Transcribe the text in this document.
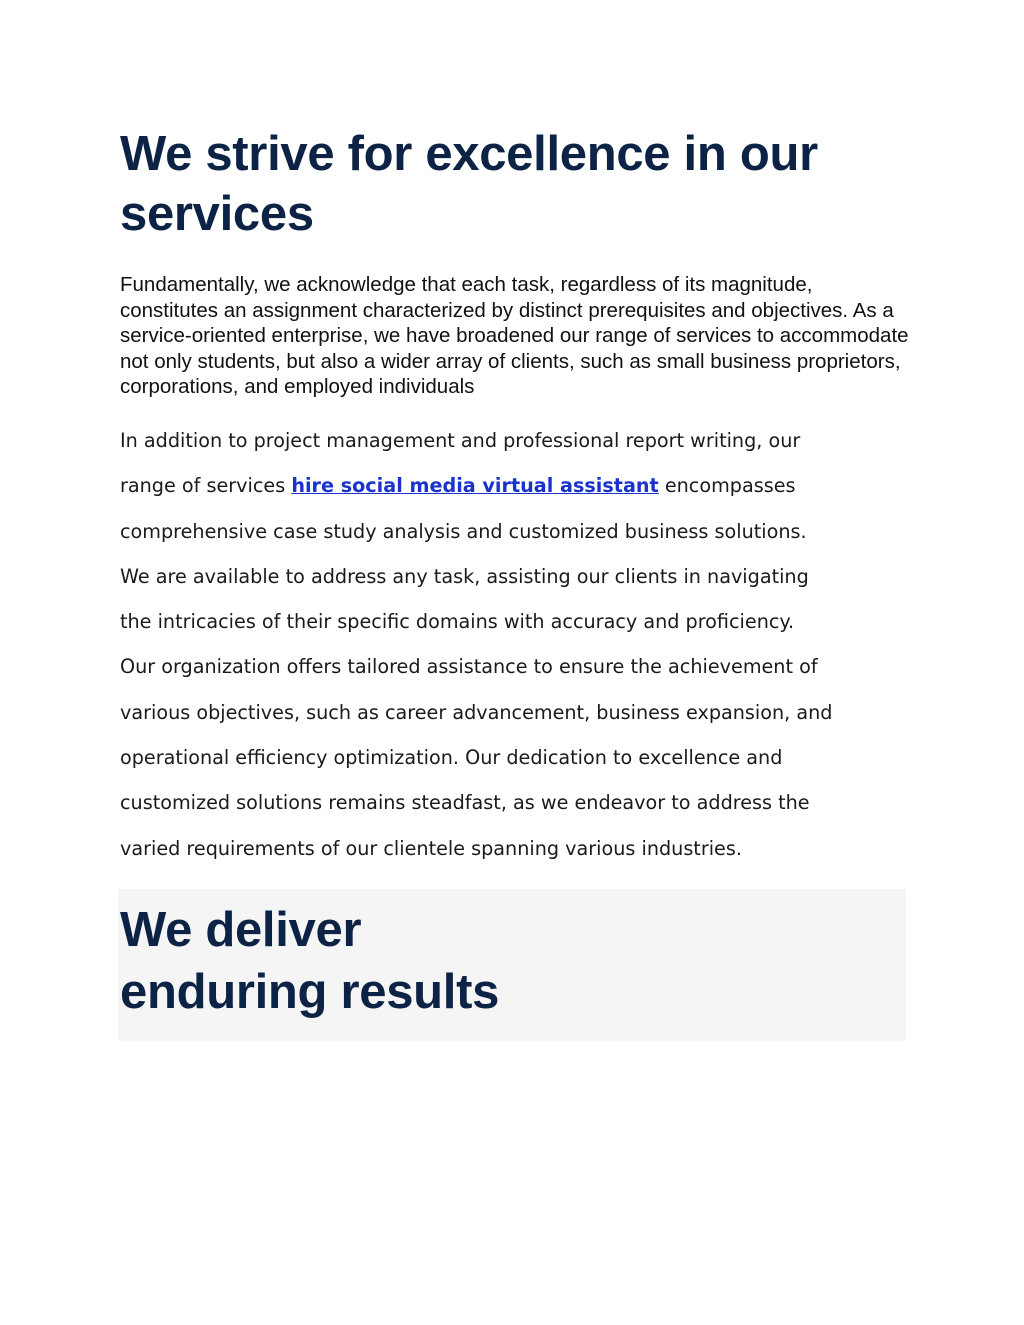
We strive for excellence in our services

Fundamentally, we acknowledge that each task, regardless of its magnitude, constitutes an assignment characterized by distinct prerequisites and objectives. As a service-oriented enterprise, we have broadened our range of services to accommodate not only students, but also a wider array of clients, such as small business proprietors, corporations, and employed individuals

In addition to project management and professional report writing, our
range of services hire social media virtual assistant encompasses
comprehensive case study analysis and customized business solutions.
We are available to address any task, assisting our clients in navigating
the intricacies of their specific domains with accuracy and proficiency.
Our organization offers tailored assistance to ensure the achievement of
various objectives, such as career advancement, business expansion, and
operational efficiency optimization. Our dedication to excellence and
customized solutions remains steadfast, as we endeavor to address the
varied requirements of our clientele spanning various industries.
We deliver
enduring results
